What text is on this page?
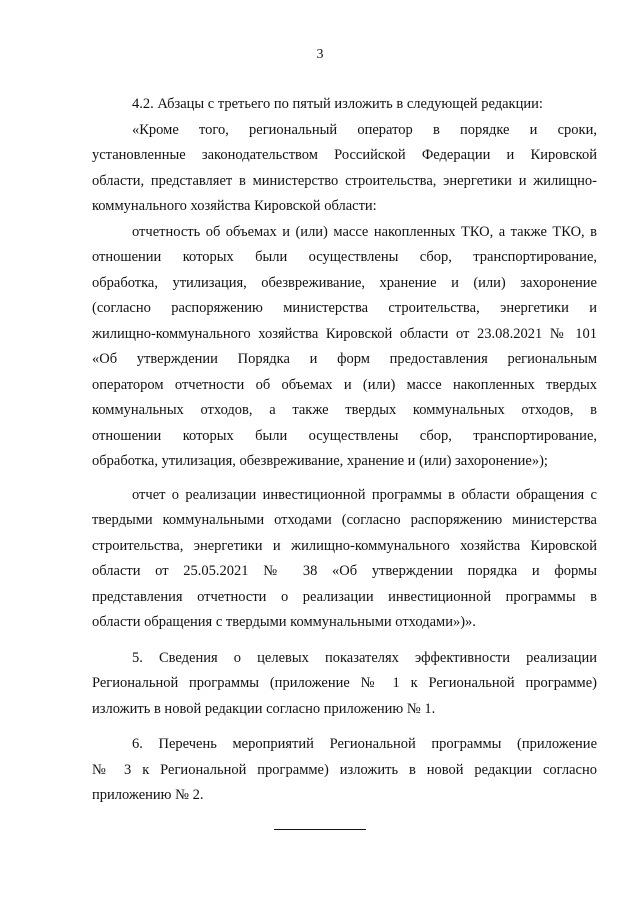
3
4.2. Абзацы с третьего по пятый изложить в следующей редакции:
«Кроме того, региональный оператор в порядке и сроки,
установленные законодательством Российской Федерации и Кировской
области, представляет в министерство строительства, энергетики и жилищно-
коммунального хозяйства Кировской области:
отчетность об объемах и (или) массе накопленных ТКО, а также ТКО, в
отношении которых были осуществлены сбор, транспортирование,
обработка, утилизация, обезвреживание, хранение и (или) захоронение
(согласно распоряжению министерства строительства, энергетики и
жилищно-коммунального хозяйства Кировской области от 23.08.2021 № 101
«Об утверждении Порядка и форм предоставления региональным
оператором отчетности об объемах и (или) массе накопленных твердых
коммунальных отходов, а также твердых коммунальных отходов, в
отношении которых были осуществлены сбор, транспортирование,
обработка, утилизация, обезвреживание, хранение и (или) захоронение»);
отчет о реализации инвестиционной программы в области обращения с
твердыми коммунальными отходами (согласно распоряжению министерства
строительства, энергетики и жилищно-коммунального хозяйства Кировской
области от 25.05.2021 № 38 «Об утверждении порядка и формы
представления отчетности о реализации инвестиционной программы в
области обращения с твердыми коммунальными отходами»)».
5. Сведения о целевых показателях эффективности реализации
Региональной программы (приложение № 1 к Региональной программе)
изложить в новой редакции согласно приложению № 1.
6. Перечень мероприятий Региональной программы (приложение
№ 3 к Региональной программе) изложить в новой редакции согласно
приложению № 2.
